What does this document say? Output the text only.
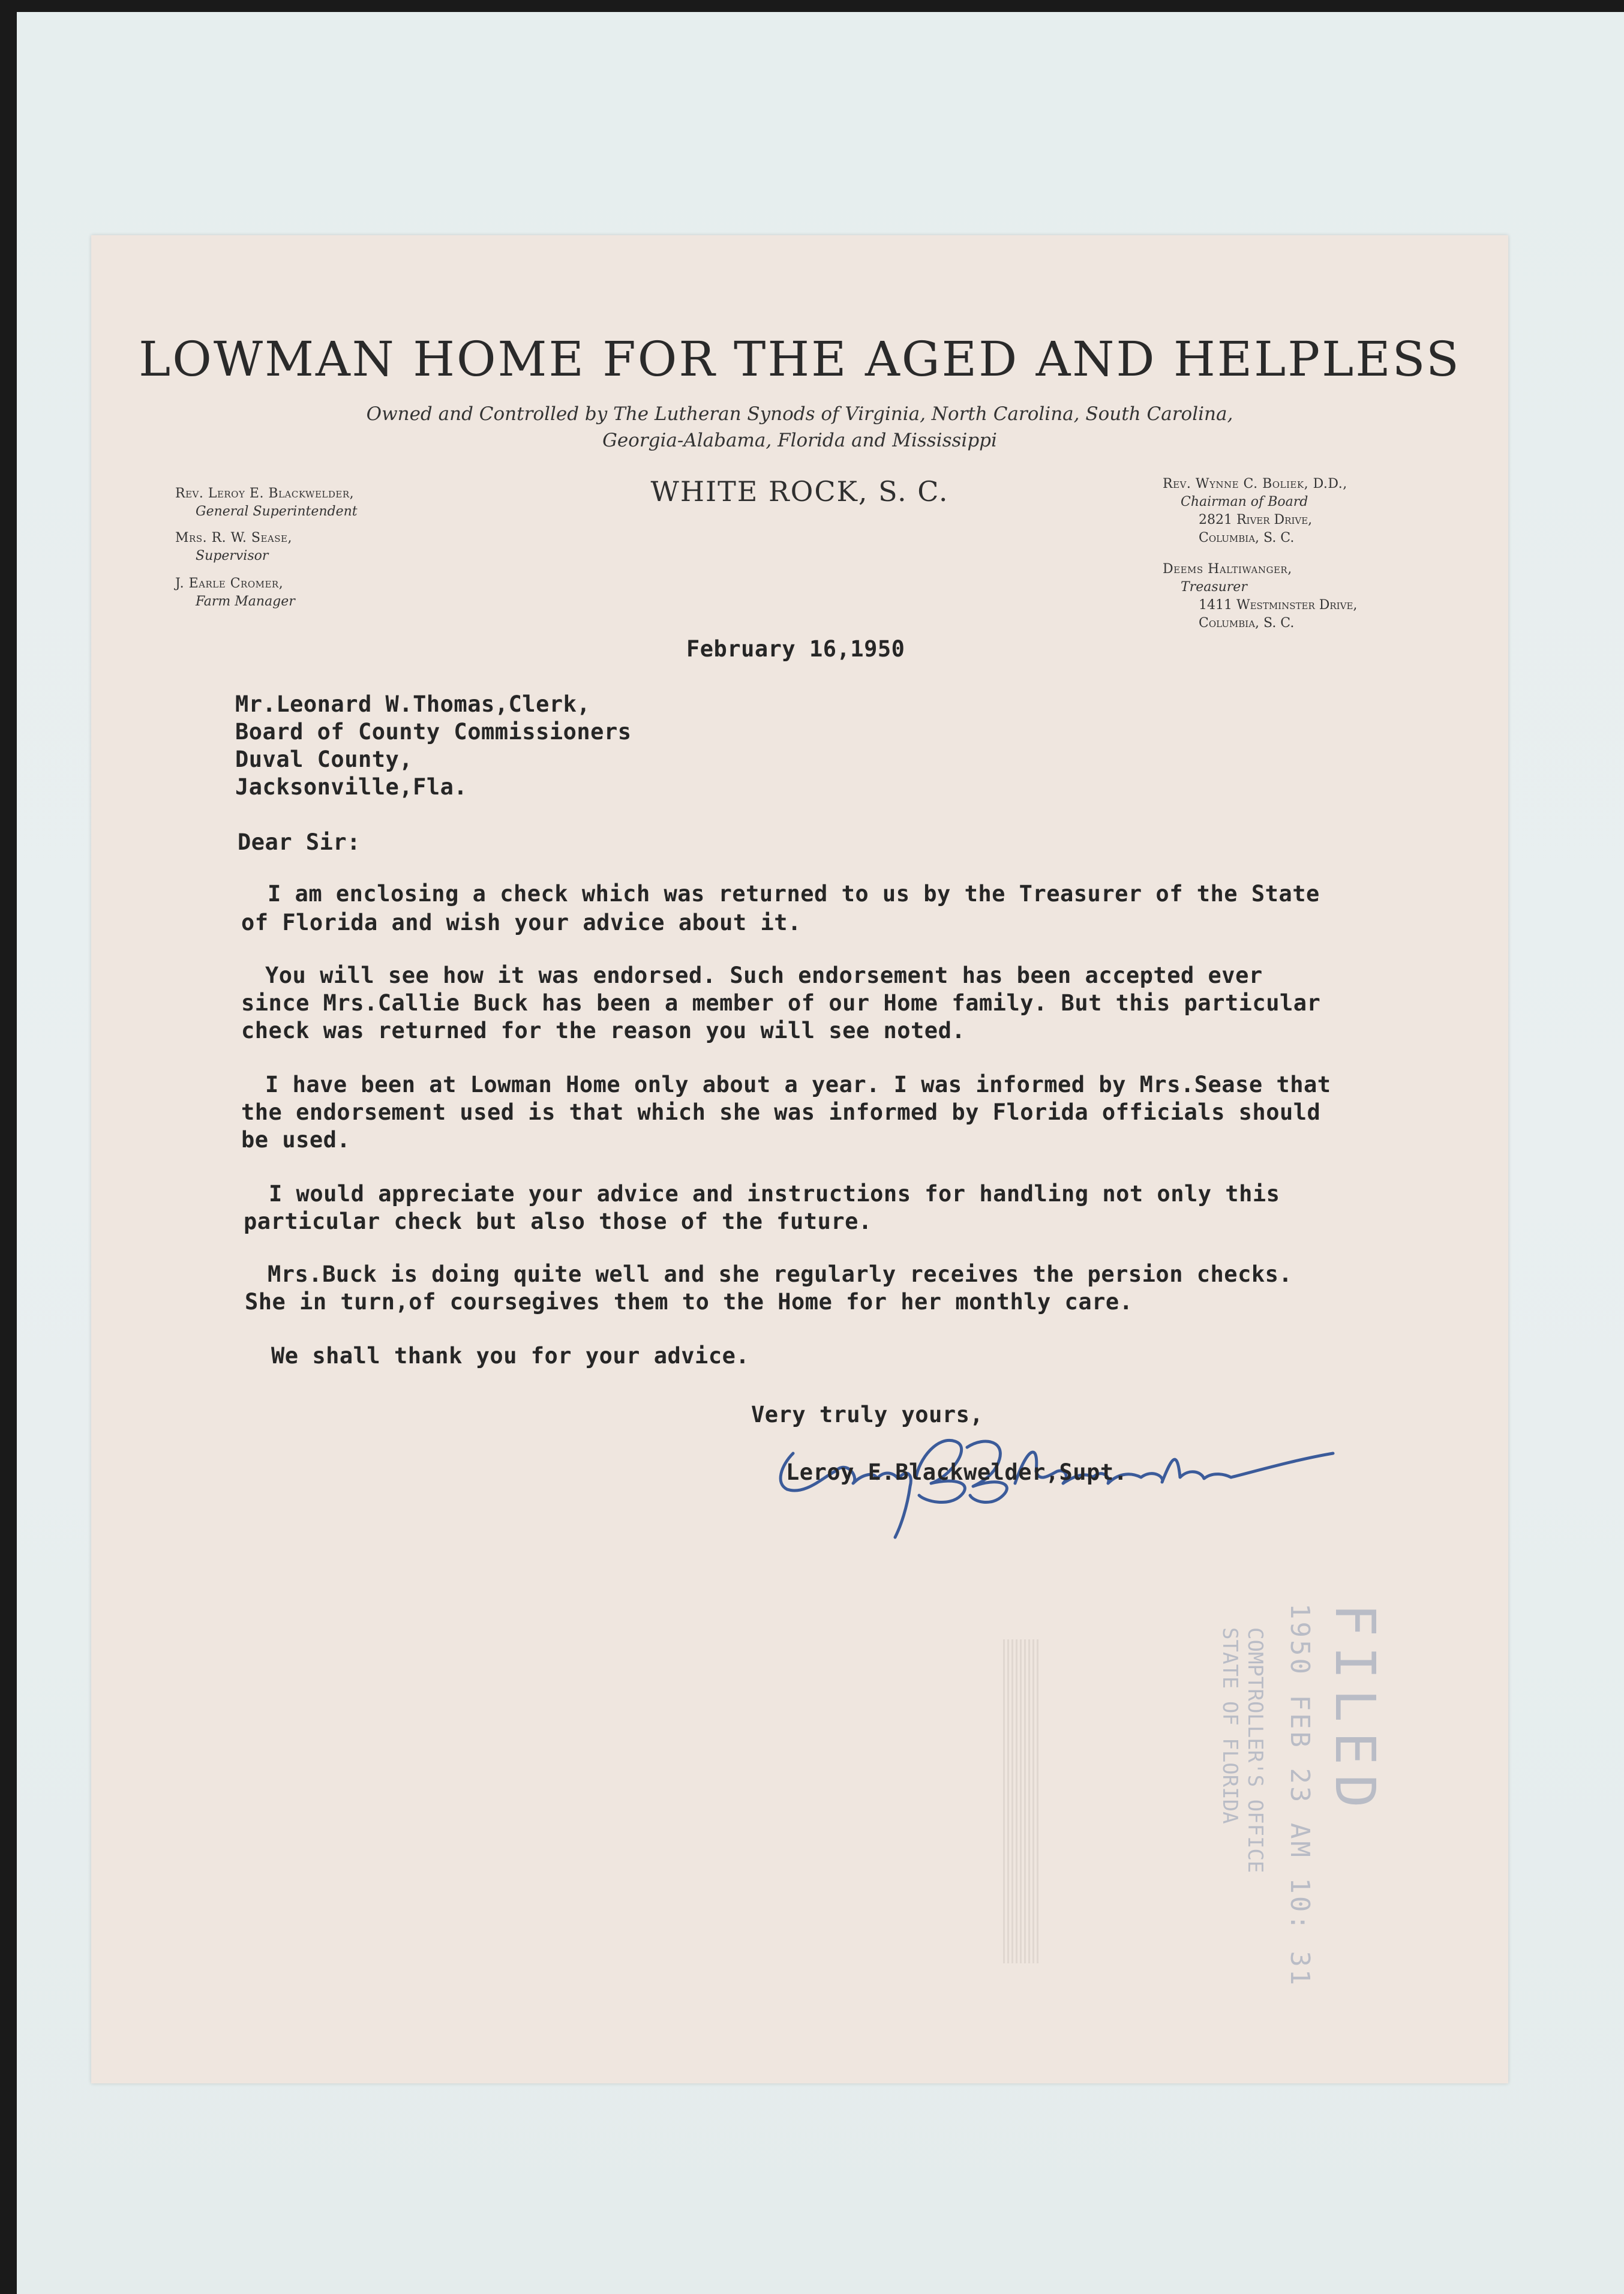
LOWMAN HOME FOR THE AGED AND HELPLESS
Owned and Controlled by The Lutheran Synods of Virginia, North Carolina, South Carolina,
Georgia-Alabama, Florida and Mississippi
WHITE ROCK, S. C.
Rev. Leroy E. Blackwelder,
General Superintendent
Mrs. R. W. Sease,
Supervisor
J. Earle Cromer,
Farm Manager
Rev. Wynne C. Boliek, D.D.,
Chairman of Board
2821 River Drive,
Columbia, S. C.
Deems Haltiwanger,
Treasurer
1411 Westminster Drive,
Columbia, S. C.
February 16,1950
Mr.Leonard W.Thomas,Clerk,
Board of County Commissioners
Duval County,
Jacksonville,Fla.
Dear Sir:
I am enclosing a check which was returned to us by the Treasurer of the State
of Florida and wish your advice about it.
You will see how it was endorsed. Such endorsement has been accepted ever
since Mrs.Callie Buck has been a member of our Home family. But this particular
check was returned for the reason you will see noted.
I have been at Lowman Home only about a year. I was informed by Mrs.Sease that
the endorsement used is that which she was informed by Florida officials should
be used.
I would appreciate your advice and instructions for handling not only this
particular check but also those of the future.
Mrs.Buck is doing quite well and she regularly receives the persion checks.
She in turn,of coursegives them to the Home for her monthly care.
We shall thank you for your advice.
Very truly yours,
Leroy E.Blackwelder,Supt.
FILED
1950 FEB 23 AM 10: 31
COMPTROLLER'S OFFICE
STATE OF FLORIDA
